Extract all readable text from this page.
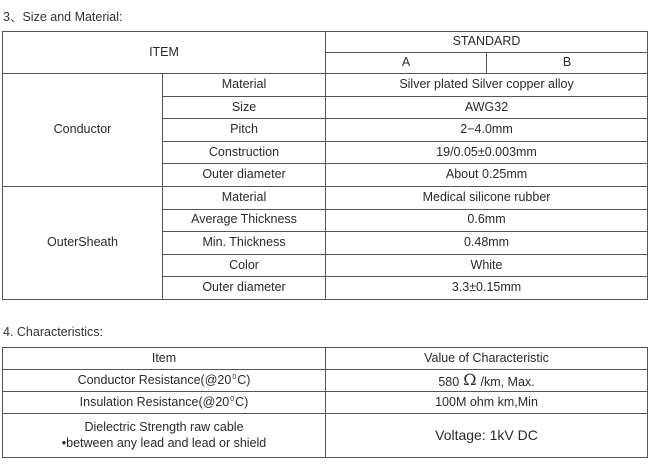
3、Size and Material:
ITEM		STANDARD	
		A	B
Conductor	Material	Silver plated Silver copper alloy	
	Size	AWG32	
	Pitch	2−4.0mm	
	Construction	19/0.05±0.003mm	
	Outer diameter	About 0.25mm	
OuterSheath	Material	Medical silicone rubber	
	Average Thickness	0.6mm	
	Min. Thickness	0.48mm	
	Color	White	
	Outer diameter	3.3±0.15mm	
4. Characteristics:
Item	Value of Characteristic
Conductor $Resistance(@20^0C)$	580 Ω /km, Max.
Insulation $Resistance(@20^0C)$	100M ohm km,Min

Dielectric Strength raw cable
•between any lead and lead or shield	Voltage: 1kV DC
